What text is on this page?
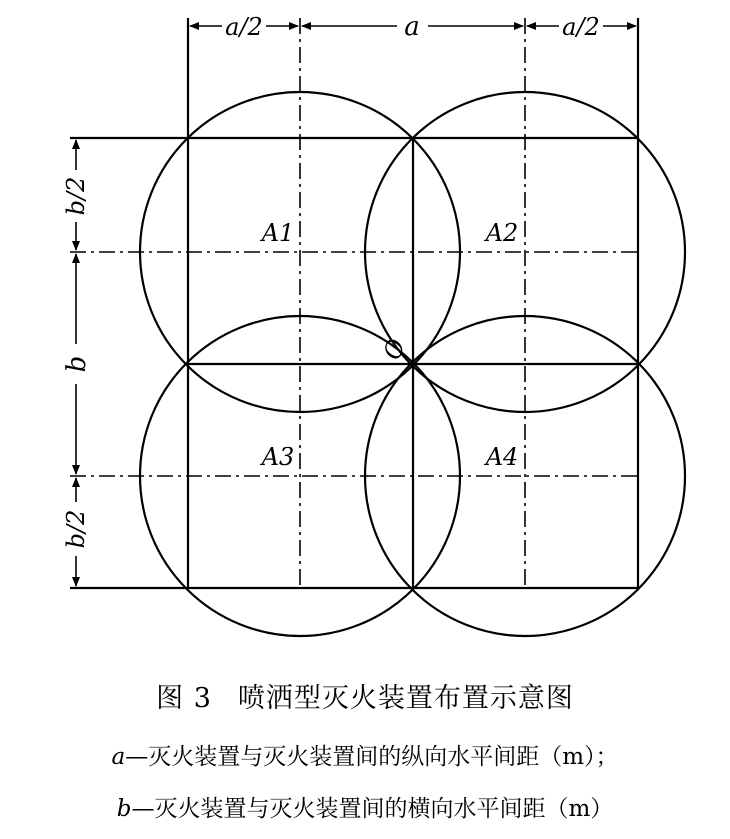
a/2	a	a/2
b/2
b
b/2
A1	A2
A3	A4
O
图 3 喷洒型灭火装置布置示意图
a—灭火装置与灭火装置间的纵向水平间距（m）；
b—灭火装置与灭火装置间的横向水平间距（m）
